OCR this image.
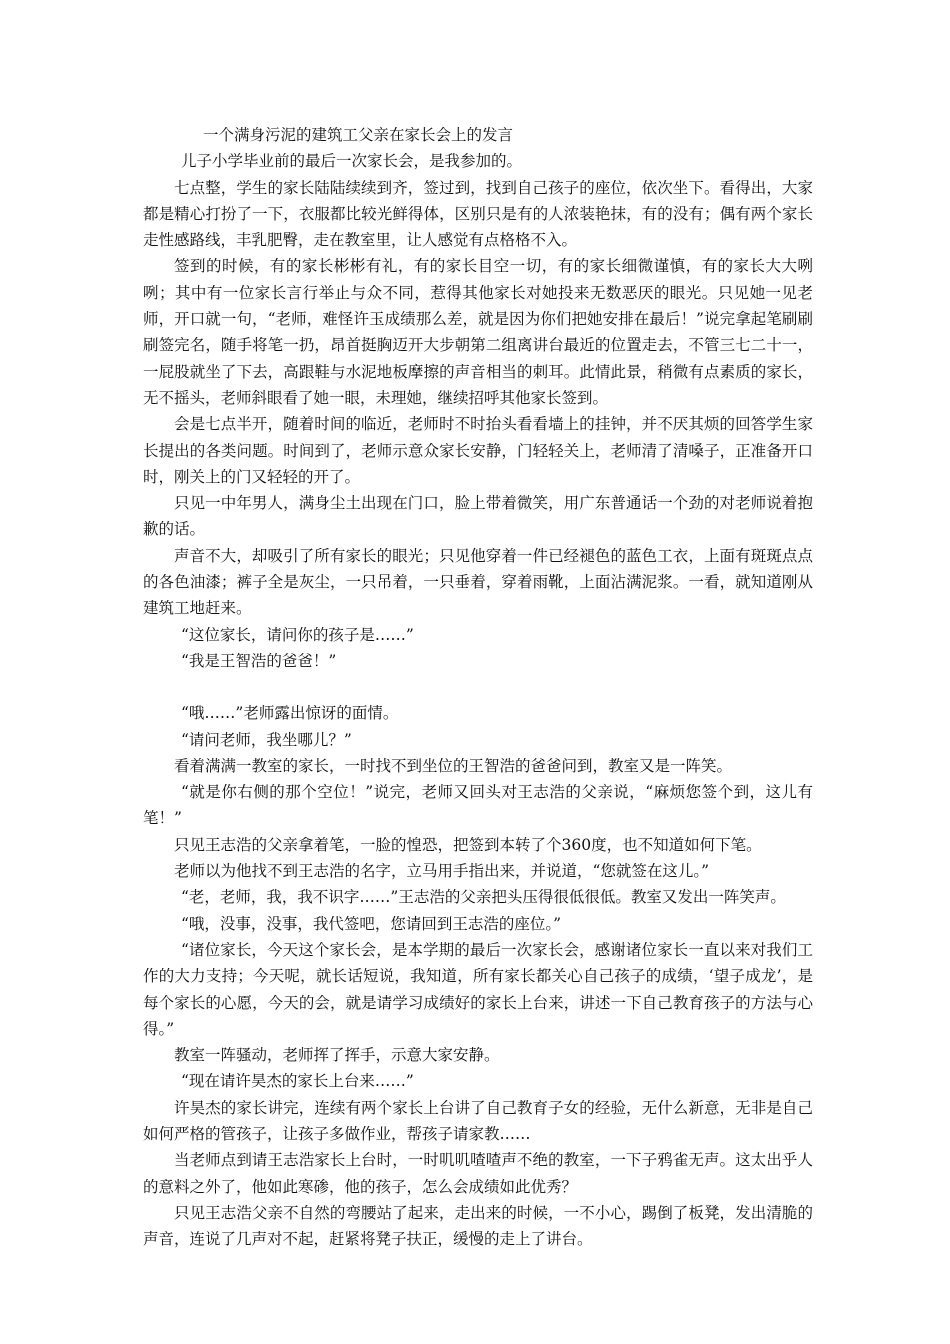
一个满身污泥的建筑工父亲在家长会上的发言

儿子小学毕业前的最后一次家长会，是我参加的。

七点整，学生的家长陆陆续续到齐，签过到，找到自己孩子的座位，依次坐下。看得出，大家都是精心打扮了一下，衣服都比较光鲜得体，区别只是有的人浓装艳抹，有的没有；偶有两个家长走性感路线，丰乳肥臀，走在教室里，让人感觉有点格格不入。

签到的时候，有的家长彬彬有礼，有的家长目空一切，有的家长细微谨慎，有的家长大大咧咧；其中有一位家长言行举止与众不同，惹得其他家长对她投来无数恶厌的眼光。只见她一见老师，开口就一句，“老师，难怪许玉成绩那么差，就是因为你们把她安排在最后！”说完拿起笔刷刷刷签完名，随手将笔一扔，昂首挺胸迈开大步朝第二组离讲台最近的位置走去，不管三七二十一，一屁股就坐了下去，高跟鞋与水泥地板摩擦的声音相当的刺耳。此情此景，稍微有点素质的家长，无不摇头，老师斜眼看了她一眼，未理她，继续招呼其他家长签到。

会是七点半开，随着时间的临近，老师时不时抬头看看墙上的挂钟，并不厌其烦的回答学生家长提出的各类问题。时间到了，老师示意众家长安静，门轻轻关上，老师清了清嗓子，正准备开口时，刚关上的门又轻轻的开了。

只见一中年男人，满身尘土出现在门口，脸上带着微笑，用广东普通话一个劲的对老师说着抱歉的话。

声音不大，却吸引了所有家长的眼光；只见他穿着一件已经褪色的蓝色工衣，上面有斑斑点点的各色油漆；裤子全是灰尘，一只吊着，一只垂着，穿着雨靴，上面沾满泥浆。一看，就知道刚从建筑工地赶来。

“这位家长，请问你的孩子是……”

“我是王智浩的爸爸！”

“哦……”老师露出惊讶的面情。

“请问老师，我坐哪儿？”

看着满满一教室的家长，一时找不到坐位的王智浩的爸爸问到，教室又是一阵笑。

“就是你右侧的那个空位！”说完，老师又回头对王志浩的父亲说，“麻烦您签个到，这儿有笔！”

只见王志浩的父亲拿着笔，一脸的惶恐，把签到本转了个360度，也不知道如何下笔。

老师以为他找不到王志浩的名字，立马用手指出来，并说道，“您就签在这儿。”

“老，老师，我，我不识字……”王志浩的父亲把头压得很低很低。教室又发出一阵笑声。

“哦，没事，没事，我代签吧，您请回到王志浩的座位。”

“诸位家长，今天这个家长会，是本学期的最后一次家长会，感谢诸位家长一直以来对我们工作的大力支持；今天呢，就长话短说，我知道，所有家长都关心自己孩子的成绩，‘望子成龙’，是每个家长的心愿，今天的会，就是请学习成绩好的家长上台来，讲述一下自己教育孩子的方法与心得。”

教室一阵骚动，老师挥了挥手，示意大家安静。

“现在请许昊杰的家长上台来……”

许昊杰的家长讲完，连续有两个家长上台讲了自己教育子女的经验，无什么新意，无非是自己如何严格的管孩子，让孩子多做作业，帮孩子请家教……

当老师点到请王志浩家长上台时，一时叽叽喳喳声不绝的教室，一下子鸦雀无声。这太出乎人的意料之外了，他如此寒碜，他的孩子，怎么会成绩如此优秀？

只见王志浩父亲不自然的弯腰站了起来，走出来的时候，一不小心，踢倒了板凳，发出清脆的声音，连说了几声对不起，赶紧将凳子扶正，缓慢的走上了讲台。
